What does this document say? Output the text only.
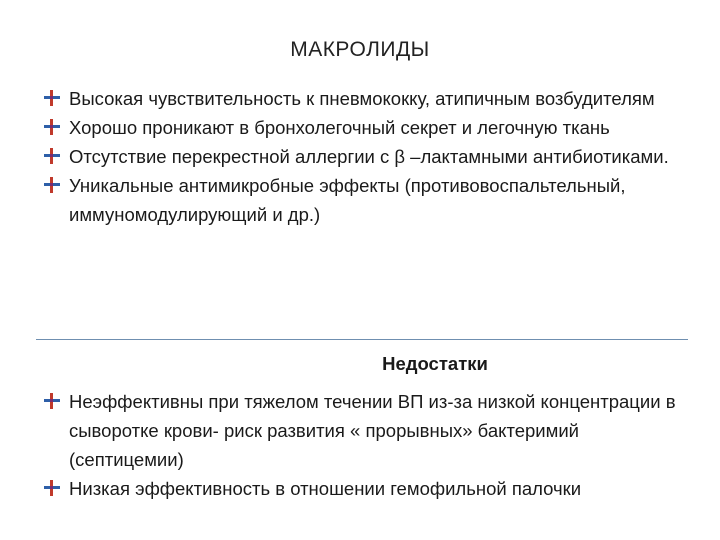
МАКРОЛИДЫ
Высокая чувствительность к пневмококку, атипичным возбудителям
Хорошо проникают в бронхолегочный секрет и легочную ткань
Отсутствие перекрестной аллергии с β –лактамными антибиотиками.
Уникальные антимикробные эффекты (противовоспальтельный, иммуномодулирующий и др.)
Недостатки
Неэффективны при тяжелом течении ВП из-за низкой концентрации в сыворотке крови- риск развития « прорывных» бактеримий (септицемии)
Низкая эффективность в отношении гемофильной палочки
